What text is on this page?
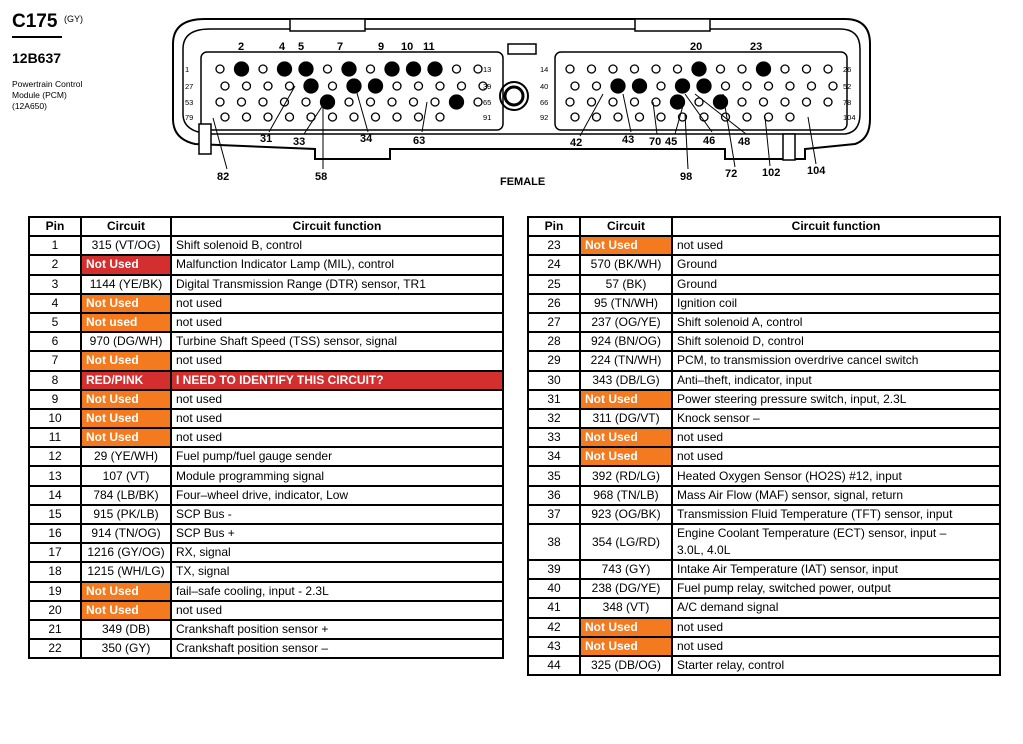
C175 (GY)
12B637
Powertrain Control
Module (PCM)
(12A650)
1
27
53
79
13
39
65
91
14
40
66
92
26
52
78
104
2	4 5	7	9 10 11	20	23
31 33	34	63	42	43 70 45 46 48
82	58	98	72 102 104
FEMALE
Pin	Circuit	Circuit function
1	315 (VT/OG)	Shift solenoid B, control
2	Not Used	Malfunction Indicator Lamp (MIL), control
3	1144 (YE/BK)	Digital Transmission Range (DTR) sensor, TR1
4	Not Used	not used
5	Not used	not used
6	970 (DG/WH)	Turbine Shaft Speed (TSS) sensor, signal
7	Not Used	not used
8	RED/PINK	I NEED TO IDENTIFY THIS CIRCUIT?
9	Not Used	not used
10	Not Used	not used
11	Not Used	not used
12	29 (YE/WH)	Fuel pump/fuel gauge sender
13	107 (VT)	Module programming signal
14	784 (LB/BK)	Four–wheel drive, indicator, Low
15	915 (PK/LB)	SCP Bus -
16	914 (TN/OG)	SCP Bus +
17	1216 (GY/OG)	RX, signal
18	1215 (WH/LG)	TX, signal
19	Not Used	fail–safe cooling, input - 2.3L
20	Not Used	not used
21	349 (DB)	Crankshaft position sensor +
22	350 (GY)	Crankshaft position sensor –
Pin	Circuit	Circuit function
23	Not Used	not used
24	570 (BK/WH)	Ground
25	57 (BK)	Ground
26	95 (TN/WH)	Ignition coil
27	237 (OG/YE)	Shift solenoid A, control
28	924 (BN/OG)	Shift solenoid D, control
29	224 (TN/WH)	PCM, to transmission overdrive cancel switch
30	343 (DB/LG)	Anti–theft, indicator, input
31	Not Used	Power steering pressure switch, input, 2.3L
32	311 (DG/VT)	Knock sensor –
33	Not Used	not used
34	Not Used	not used
35	392 (RD/LG)	Heated Oxygen Sensor (HO2S) #12, input
36	968 (TN/LB)	Mass Air Flow (MAF) sensor, signal, return
37	923 (OG/BK)	Transmission Fluid Temperature (TFT) sensor, input
38	354 (LG/RD)	Engine Coolant Temperature (ECT) sensor, input –
3.0L, 4.0L
39	743 (GY)	Intake Air Temperature (IAT) sensor, input
40	238 (DG/YE)	Fuel pump relay, switched power, output
41	348 (VT)	A/C demand signal
42	Not Used	not used
43	Not Used	not used
44	325 (DB/OG)	Starter relay, control
